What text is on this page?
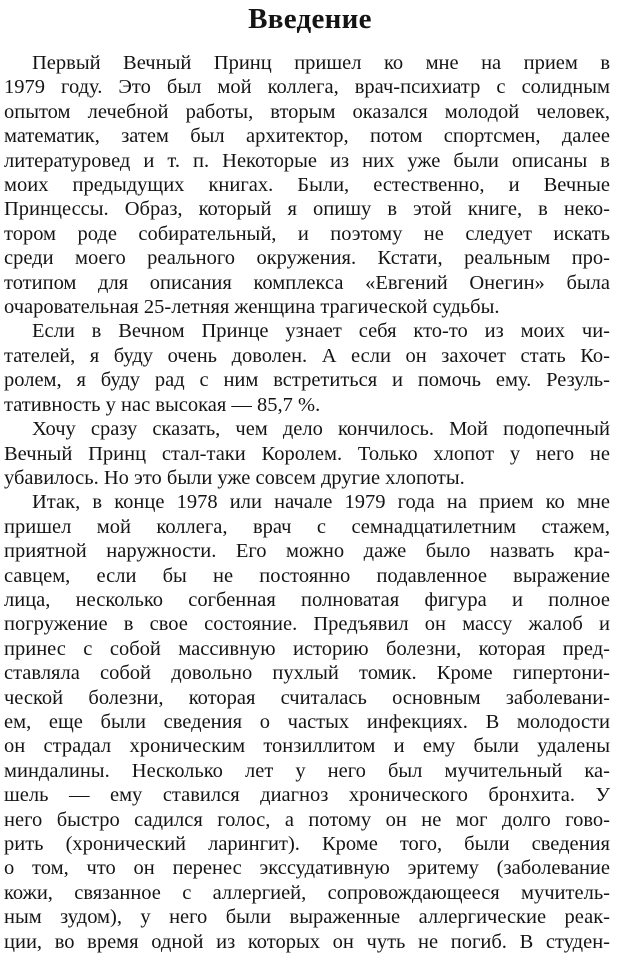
Введение
Первый Вечный Принц пришел ко мне на прием в
1979 году. Это был мой коллега, врач-психиатр с солидным
опытом лечебной работы, вторым оказался молодой человек,
математик, затем был архитектор, потом спортсмен, далее
литературовед и т. п. Некоторые из них уже были описаны в
моих предыдущих книгах. Были, естественно, и Вечные
Принцессы. Образ, который я опишу в этой книге, в неко-
тором роде собирательный, и поэтому не следует искать
среди моего реального окружения. Кстати, реальным про-
тотипом для описания комплекса «Евгений Онегин» была
очаровательная 25-летняя женщина трагической судьбы.
Если в Вечном Принце узнает себя кто-то из моих чи-
тателей, я буду очень доволен. А если он захочет стать Ко-
ролем, я буду рад с ним встретиться и помочь ему. Резуль-
тативность у нас высокая — 85,7 %.
Хочу сразу сказать, чем дело кончилось. Мой подопечный
Вечный Принц стал-таки Королем. Только хлопот у него не
убавилось. Но это были уже совсем другие хлопоты.
Итак, в конце 1978 или начале 1979 года на прием ко мне
пришел мой коллега, врач с семнадцатилетним стажем,
приятной наружности. Его можно даже было назвать кра-
савцем, если бы не постоянно подавленное выражение
лица, несколько согбенная полноватая фигура и полное
погружение в свое состояние. Предъявил он массу жалоб и
принес с собой массивную историю болезни, которая пред-
ставляла собой довольно пухлый томик. Кроме гипертони-
ческой болезни, которая считалась основным заболевани-
ем, еще были сведения о частых инфекциях. В молодости
он страдал хроническим тонзиллитом и ему были удалены
миндалины. Несколько лет у него был мучительный ка-
шель — ему ставился диагноз хронического бронхита. У
него быстро садился голос, а потому он не мог долго гово-
рить (хронический ларингит). Кроме того, были сведения
о том, что он перенес экссудативную эритему (заболевание
кожи, связанное с аллергией, сопровождающееся мучитель-
ным зудом), у него были выраженные аллергические реак-
ции, во время одной из которых он чуть не погиб. В студен-
